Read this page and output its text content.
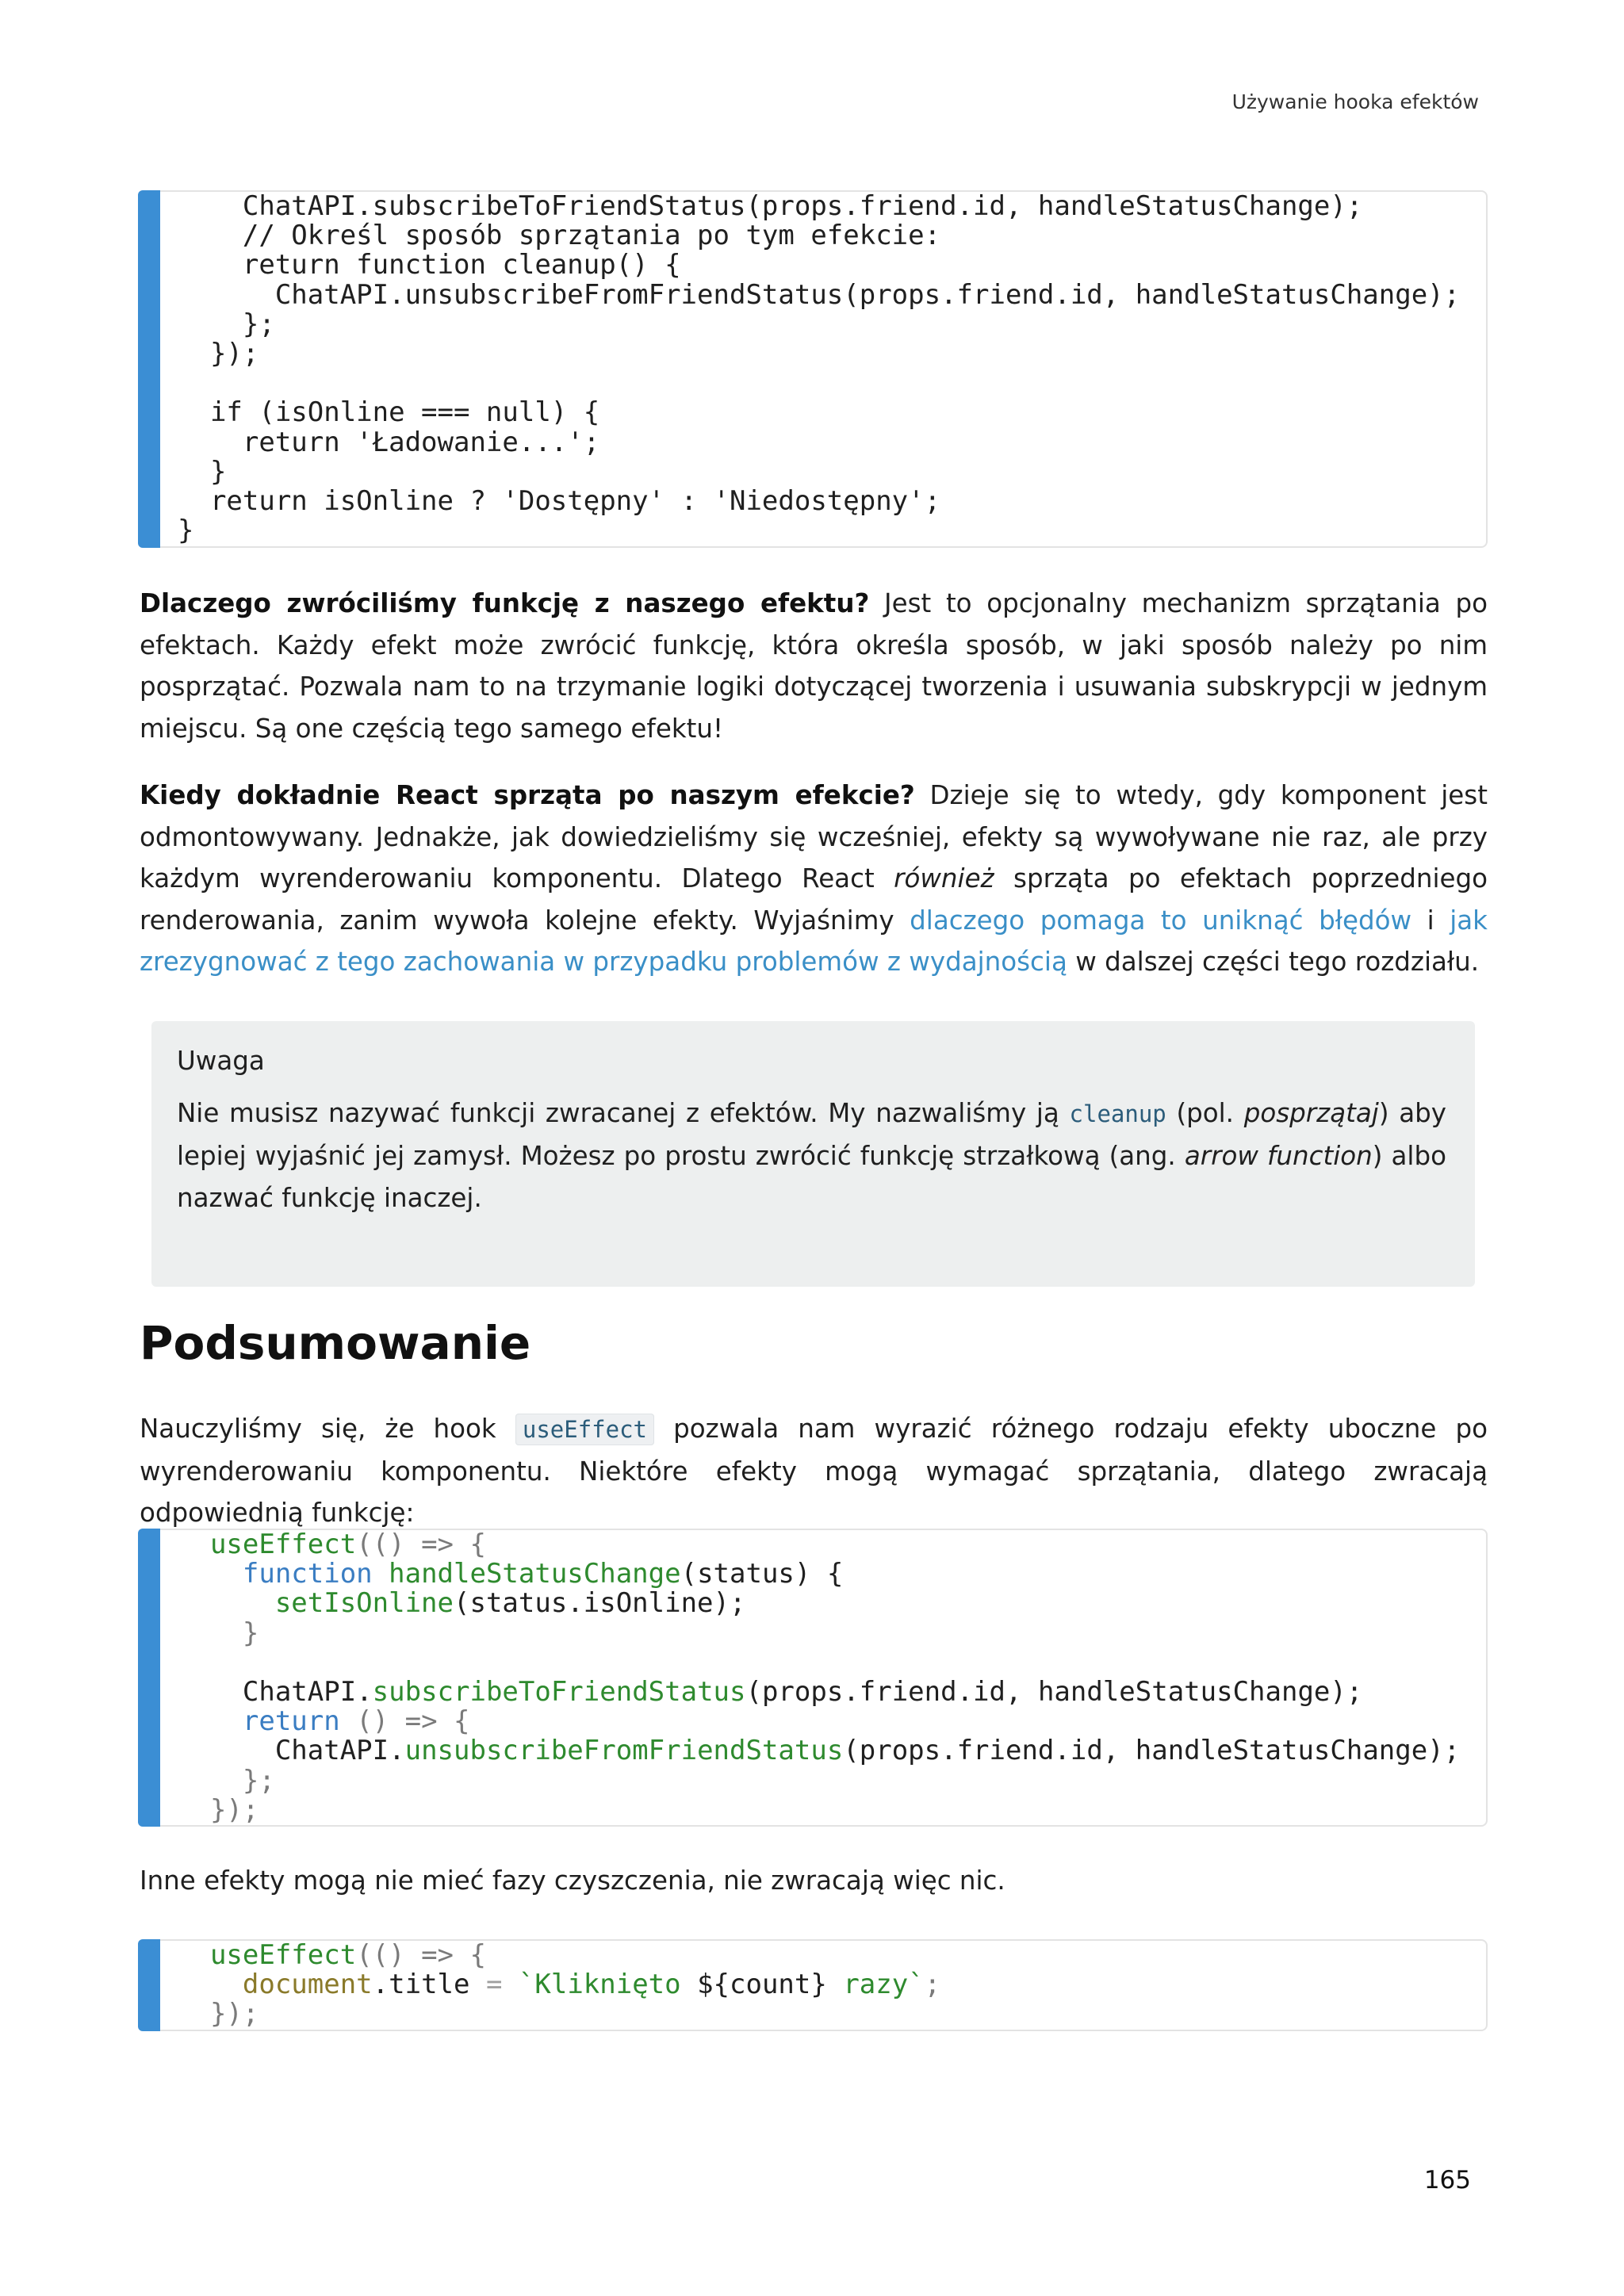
Używanie hooka efektów
ChatAPI.subscribeToFriendStatus(props.friend.id, handleStatusChange);
// Określ sposób sprzątania po tym efekcie:
return function cleanup() {
ChatAPI.unsubscribeFromFriendStatus(props.friend.id, handleStatusChange);
};
});

if (isOnline === null) {
return 'Ładowanie...';
}
return isOnline ? 'Dostępny' : 'Niedostępny';
}

Dlaczego zwróciliśmy funkcję z naszego efektu? Jest to opcjonalny mechanizm sprzątania po efektach. Każdy efekt może zwrócić funkcję, która określa sposób, w jaki sposób należy po nim posprzątać. Pozwala nam to na trzymanie logiki dotyczącej tworzenia i usuwania subskrypcji w jednym miejscu. Są one częścią tego samego efektu!

Kiedy dokładnie React sprząta po naszym efekcie? Dzieje się to wtedy, gdy komponent jest odmontowywany. Jednakże, jak dowiedzieliśmy się wcześniej, efekty są wywoływane nie raz, ale przy każdym wyrenderowaniu komponentu. Dlatego React również sprząta po efektach poprzedniego renderowania, zanim wywoła kolejne efekty. Wyjaśnimy dlaczego pomaga to uniknąć błędów i jak zrezygnować z tego zachowania w przypadku problemów z wydajnością w dalszej części tego rozdziału.

Uwaga

Nie musisz nazywać funkcji zwracanej z efektów. My nazwaliśmy ją cleanup (pol. posprzątaj) aby lepiej wyjaśnić jej zamysł. Możesz po prostu zwrócić funkcję strzałkową (ang. arrow function) albo nazwać funkcję inaczej.

Podsumowanie

Nauczyliśmy się, że hook useEffect pozwala nam wyrazić różnego rodzaju efekty uboczne po wyrenderowaniu komponentu. Niektóre efekty mogą wymagać sprzątania, dlatego zwracają odpowiednią funkcję:

useEffect(() => {
function handleStatusChange(status) {
setIsOnline(status.isOnline);
}

ChatAPI.subscribeToFriendStatus(props.friend.id, handleStatusChange);
return () => {
ChatAPI.unsubscribeFromFriendStatus(props.friend.id, handleStatusChange);
};
});

Inne efekty mogą nie mieć fazy czyszczenia, nie zwracają więc nic.

useEffect(() => {
document.title = `Kliknięto ${count} razy`;
});
165
